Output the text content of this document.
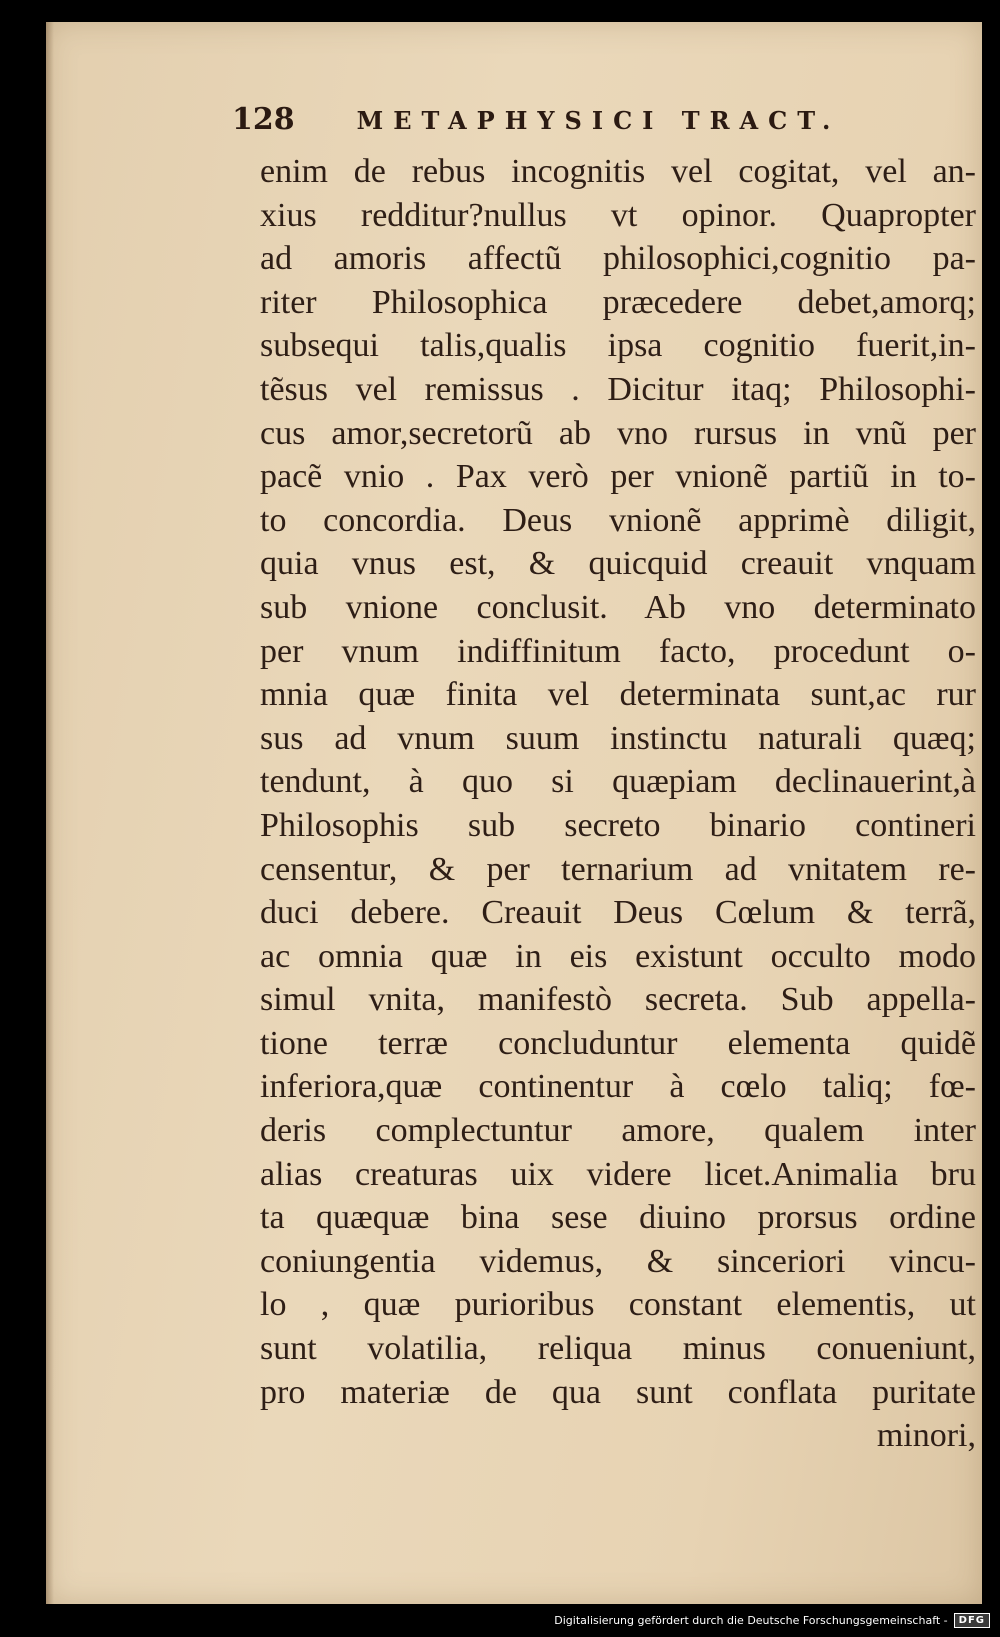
128	METAPHYSICI TRACT.
enim de rebus incognitis vel cogitat, vel an-
xius redditur?nullus vt opinor. Quapropter
ad amoris affectũ philosophici,cognitio pa-
riter Philosophica præcedere debet,amorq;
subsequi talis,qualis ipsa cognitio fuerit,in-
tẽsus vel remissus . Dicitur itaq; Philosophi-
cus amor,secretorũ ab vno rursus in vnũ per
pacẽ vnio . Pax verò per vnionẽ partiũ in to-
to concordia. Deus vnionẽ apprimè diligit,
quia vnus est, & quicquid creauit vnquam
sub vnione conclusit. Ab vno determinato
per vnum indiffinitum facto, procedunt o-
mnia quæ finita vel determinata sunt,ac rur
sus ad vnum suum instinctu naturali quæq;
tendunt, à quo si quæpiam declinauerint,à
Philosophis sub secreto binario contineri
censentur, & per ternarium ad vnitatem re-
duci debere. Creauit Deus Cœlum & terrã,
ac omnia quæ in eis existunt occulto modo
simul vnita, manifestò secreta. Sub appella-
tione terræ concluduntur elementa quidẽ
inferiora,quæ continentur à cœlo taliq; fœ-
deris complectuntur amore, qualem inter
alias creaturas uix videre licet.Animalia bru
ta quæquæ bina sese diuino prorsus ordine
coniungentia videmus, & sinceriori vincu-
lo , quæ purioribus constant elementis, ut
sunt volatilia, reliqua minus conueniunt,
pro materiæ de qua sunt conflata puritate
minori,
Digitalisierung gefördert durch die Deutsche Forschungsgemeinschaft -	DFG
